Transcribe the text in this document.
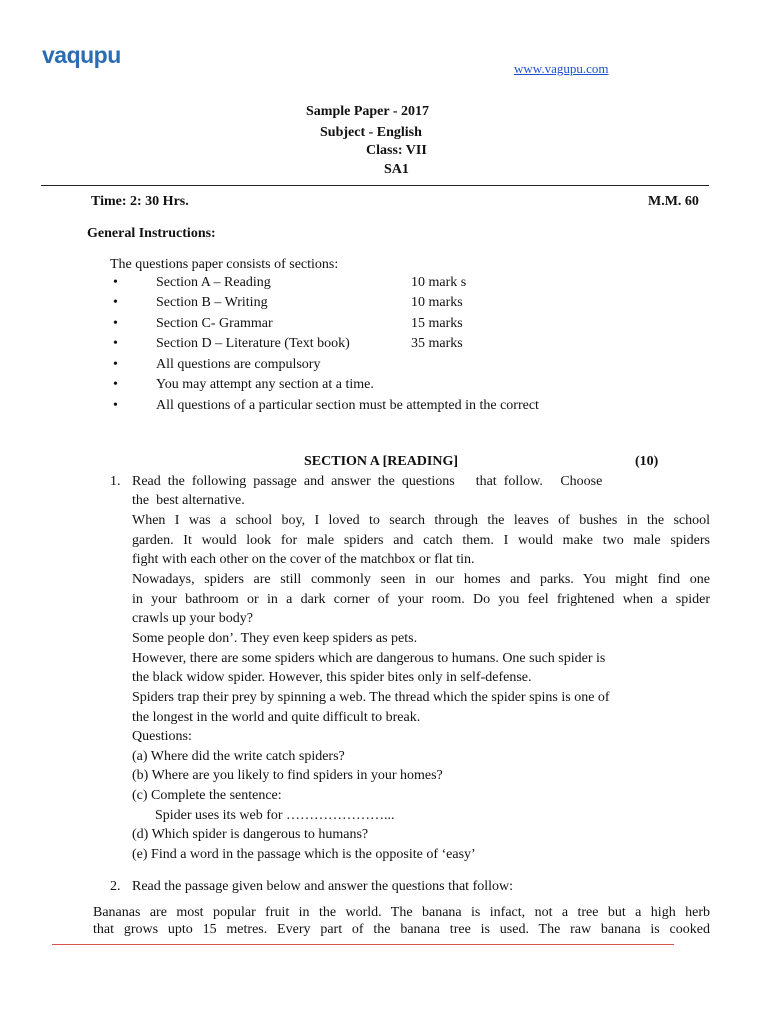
vaqupu
www.vagupu.com
Sample Paper - 2017
Subject - English
Class: VII
SA1
Time: 2: 30 Hrs.	M.M. 60
General Instructions:
The questions paper consists of sections:
•	Section A – Reading	10 mark s
•	Section B – Writing	10 marks
•	Section C- Grammar	15 marks
•	Section D – Literature (Text book)	35 marks
•	All questions are compulsory
•	You may attempt any section at a time.
•	All questions of a particular section must be attempted in the correct
SECTION A [READING]	(10)
1. Read  the  following  passage  and  answer  the  questions      that  follow.     Choose
the  best alternative.
When I was a school boy, I loved to search through the leaves of bushes in the school
garden. It would look for male spiders and catch them. I would make two male spiders
fight with each other on the cover of the matchbox or flat tin.
Nowadays, spiders are still commonly seen in our homes and parks. You might find one
in your bathroom or in a dark corner of your room. Do you feel frightened when a spider
crawls up your body?
Some people don’. They even keep spiders as pets.
However, there are some spiders which are dangerous to humans. One such spider is
the black widow spider. However, this spider bites only in self-defense.
Spiders trap their prey by spinning a web. The thread which the spider spins is one of
the longest in the world and quite difficult to break.
Questions:
(a) Where did the write catch spiders?
(b) Where are you likely to find spiders in your homes?
(c) Complete the sentence:
Spider uses its web for …………………...
(d) Which spider is dangerous to humans?
(e) Find a word in the passage which is the opposite of ‘easy’
2. Read the passage given below and answer the questions that follow:
Bananas are most popular fruit in the world. The banana is infact, not a tree but a high herb
that grows upto 15 metres. Every part of the banana tree is used. The raw banana is cooked
